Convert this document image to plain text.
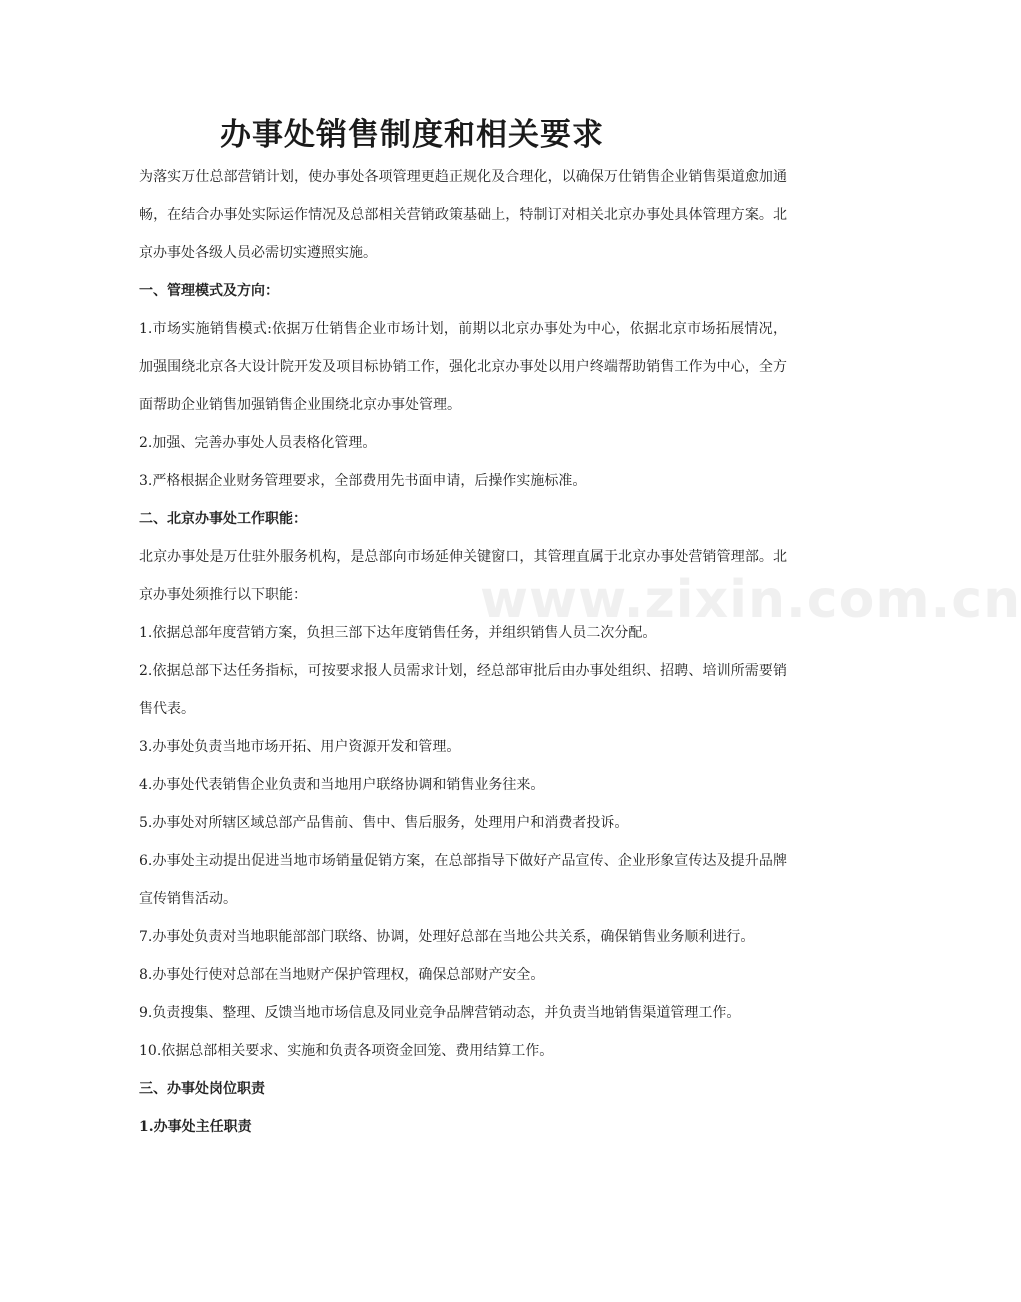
办事处销售制度和相关要求

为落实万仕总部营销计划，使办事处各项管理更趋正规化及合理化，以确保万仕销售企业销售渠道愈加通畅，在结合办事处实际运作情况及总部相关营销政策基础上，特制订对相关北京办事处具体管理方案。北京办事处各级人员必需切实遵照实施。

一、管理模式及方向：

1.市场实施销售模式:依据万仕销售企业市场计划，前期以北京办事处为中心，依据北京市场拓展情况，加强围绕北京各大设计院开发及项目标协销工作，强化北京办事处以用户终端帮助销售工作为中心，全方面帮助企业销售加强销售企业围绕北京办事处管理。

2.加强、完善办事处人员表格化管理。

3.严格根据企业财务管理要求，全部费用先书面申请，后操作实施标准。

二、北京办事处工作职能：

北京办事处是万仕驻外服务机构，是总部向市场延伸关键窗口，其管理直属于北京办事处营销管理部。北京办事处须推行以下职能：

1.依据总部年度营销方案，负担三部下达年度销售任务，并组织销售人员二次分配。

2.依据总部下达任务指标，可按要求报人员需求计划，经总部审批后由办事处组织、招聘、培训所需要销售代表。

3.办事处负责当地市场开拓、用户资源开发和管理。

4.办事处代表销售企业负责和当地用户联络协调和销售业务往来。

5.办事处对所辖区域总部产品售前、售中、售后服务，处理用户和消费者投诉。

6.办事处主动提出促进当地市场销量促销方案，在总部指导下做好产品宣传、企业形象宣传达及提升品牌宣传销售活动。

7.办事处负责对当地职能部部门联络、协调，处理好总部在当地公共关系，确保销售业务顺利进行。

8.办事处行使对总部在当地财产保护管理权，确保总部财产安全。

9.负责搜集、整理、反馈当地市场信息及同业竞争品牌营销动态，并负责当地销售渠道管理工作。

10.依据总部相关要求、实施和负责各项资金回笼、费用结算工作。

三、办事处岗位职责

1.办事处主任职责

www.zixin.com.cn
